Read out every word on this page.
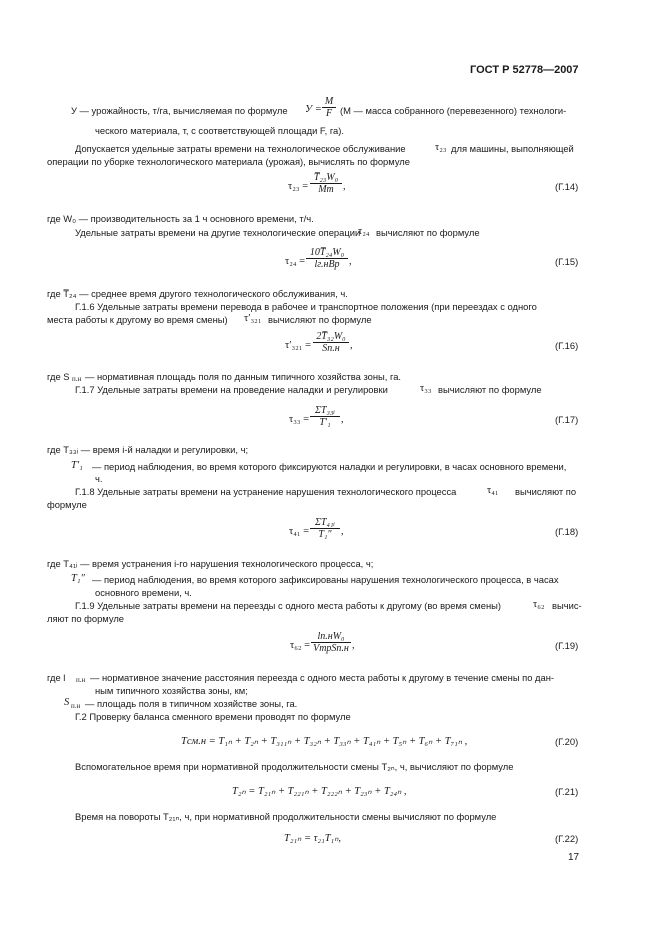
ГОСТ Р 52778—2007
У — урожайность, т/га, вычисляемая по формуле $У = \frac{M}{F} (М$ — масса собранного (перевезенного) технологи-
ческого материала, т, с соответствующей площади F, га).
Допускается удельные затраты времени на технологическое обслуживание	τ₂₃ для машины, выполняющей
операции по уборке технологического материала (урожая), вычислять по формуле
τ₂₃ =
T̅₂₃W₀
Mт ,	(Г.14)
где W₀ — производительность за 1 ч основного времени, т/ч.
Удельные затраты времени на другие технологические операции
τ₂₄ вычисляют по формуле
τ₂₄ =
10T̅₂₄W₀
lг.нBр ,	(Г.15)
где T̅₂₄ — среднее время другого технологического обслуживания, ч.
Г.1.6 Удельные затраты времени перевода в рабочее и транспортное положения (при переездах с одного
места работы к другому во время смены) τ′₃₂₁ вычисляют по формуле
τ′₃₂₁ =
2T̅₃₂W₀
Sп.н ,	(Г.16)
где S п.н — нормативная площадь поля по данным типичного хозяйства зоны, га.
Г.1.7 Удельные затраты времени на проведение наладки и регулировки	τ₃₃ вычисляют по формуле
$\tau_{33} = \frac{\text{ΣT₃₃ᵢ}}{\text{T′₁}}$ ,	(Г.17)
где T₃₃ᵢ — время i-й наладки и регулировки, ч;
T′₁ — период наблюдения, во время которого фиксируются наладки и регулировки, в часах основного времени,
ч.
Г.1.8 Удельные затраты времени на устранение нарушения технологического процесса	τ₄₁ вычисляют по
формуле
$\tau_{41} = \frac{\text{ΣT₄₁ᵢ}}{\text{T₁″}}$ ,	(Г.18)
где T₄₁ᵢ — время устранения i-го нарушения технологического процесса, ч;
T₁″ — период наблюдения, во время которого зафиксированы нарушения технологического процесса, в часах
основного времени, ч.
Г.1.9 Удельные затраты времени на переезды с одного места работы к другому (во время смены)	τ₆₂ вычис-
ляют по формуле
τ₆₂ =
lп.нW₀
VтрSп.н ,	(Г.19)
где l п.н — нормативное значение расстояния переезда с одного места работы к другому в течение смены по дан-
ным типичного хозяйства зоны, км;
S п.н — площадь поля в типичном хозяйстве зоны, га.
Г.2 Проверку баланса сменного времени проводят по формуле
Tсм.н = T₁ₙ + T₂ₙ + T₃₁₁ₙ + T₃₂ₙ + T₃₃ₙ + T₄₁ₙ + T₅ₙ + T₆ₙ + T₇₁ₙ ,	(Г.20)
Вспомогательное время при нормативной продолжительности смены T₂ₙ, ч, вычисляют по формуле
T₂ₙ = T₂₁ₙ + T₂₂₁ₙ + T₂₂₂ₙ + T₂₃ₙ + T₂₄ₙ ,	(Г.21)
Время на повороты T₂₁ₙ, ч, при нормативной продолжительности смены вычисляют по формуле
T₂₁ₙ = τ₂₁T₁ₙ,	(Г.22)
17
